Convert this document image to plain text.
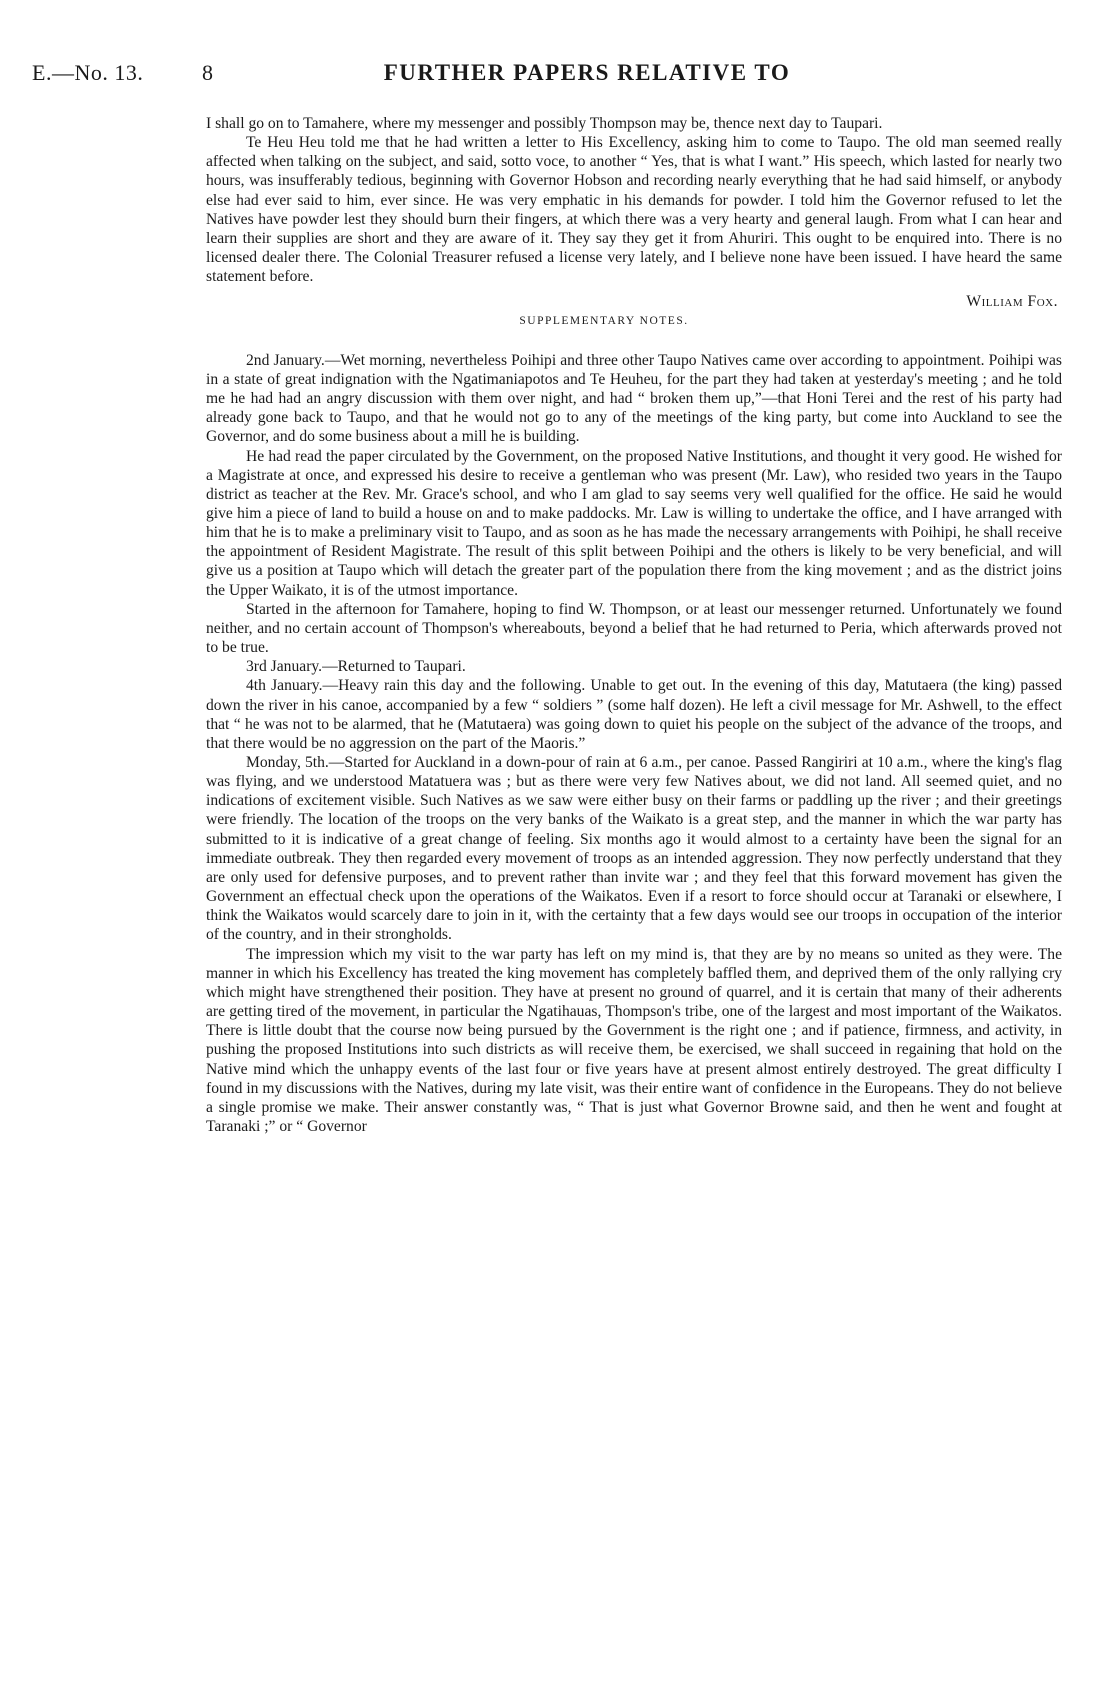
E.—No. 13.	8	FURTHER PAPERS RELATIVE TO

I shall go on to Tamahere, where my messenger and possibly Thompson may be, thence next day to Taupari.

Te Heu Heu told me that he had written a letter to His Excellency, asking him to come to Taupo. The old man seemed really affected when talking on the subject, and said, sotto voce, to another “ Yes, that is what I want.” His speech, which lasted for nearly two hours, was insufferably tedious, beginning with Governor Hobson and recording nearly everything that he had said himself, or anybody else had ever said to him, ever since. He was very emphatic in his demands for powder. I told him the Governor refused to let the Natives have powder lest they should burn their fingers, at which there was a very hearty and general laugh. From what I can hear and learn their supplies are short and they are aware of it. They say they get it from Ahuriri. This ought to be enquired into. There is no licensed dealer there. The Colonial Treasurer refused a license very lately, and I believe none have been issued. I have heard the same statement before.

William Fox.
SUPPLEMENTARY NOTES.

2nd January.—Wet morning, nevertheless Poihipi and three other Taupo Natives came over according to appointment. Poihipi was in a state of great indignation with the Ngatimaniapotos and Te Heuheu, for the part they had taken at yesterday's meeting ; and he told me he had had an angry discussion with them over night, and had “ broken them up,”—that Honi Terei and the rest of his party had already gone back to Taupo, and that he would not go to any of the meetings of the king party, but come into Auckland to see the Governor, and do some business about a mill he is building.

He had read the paper circulated by the Government, on the proposed Native Institutions, and thought it very good. He wished for a Magistrate at once, and expressed his desire to receive a gentleman who was present (Mr. Law), who resided two years in the Taupo district as teacher at the Rev. Mr. Grace's school, and who I am glad to say seems very well qualified for the office. He said he would give him a piece of land to build a house on and to make paddocks. Mr. Law is willing to undertake the office, and I have arranged with him that he is to make a preliminary visit to Taupo, and as soon as he has made the necessary arrangements with Poihipi, he shall receive the appointment of Resident Magistrate. The result of this split between Poihipi and the others is likely to be very beneficial, and will give us a position at Taupo which will detach the greater part of the population there from the king movement ; and as the district joins the Upper Waikato, it is of the utmost importance.

Started in the afternoon for Tamahere, hoping to find W. Thompson, or at least our messenger returned. Unfortunately we found neither, and no certain account of Thompson's whereabouts, beyond a belief that he had returned to Peria, which afterwards proved not to be true.

3rd January.—Returned to Taupari.

4th January.—Heavy rain this day and the following. Unable to get out. In the evening of this day, Matutaera (the king) passed down the river in his canoe, accompanied by a few “ soldiers ” (some half dozen). He left a civil message for Mr. Ashwell, to the effect that “ he was not to be alarmed, that he (Matutaera) was going down to quiet his people on the subject of the advance of the troops, and that there would be no aggression on the part of the Maoris.”

Monday, 5th.—Started for Auckland in a down-pour of rain at 6 a.m., per canoe. Passed Rangiriri at 10 a.m., where the king's flag was flying, and we understood Matatuera was ; but as there were very few Natives about, we did not land. All seemed quiet, and no indications of excitement visible. Such Natives as we saw were either busy on their farms or paddling up the river ; and their greetings were friendly. The location of the troops on the very banks of the Waikato is a great step, and the manner in which the war party has submitted to it is indicative of a great change of feeling. Six months ago it would almost to a certainty have been the signal for an immediate outbreak. They then regarded every movement of troops as an intended aggression. They now perfectly understand that they are only used for defensive purposes, and to prevent rather than invite war ; and they feel that this forward movement has given the Government an effectual check upon the operations of the Waikatos. Even if a resort to force should occur at Taranaki or elsewhere, I think the Waikatos would scarcely dare to join in it, with the certainty that a few days would see our troops in occupation of the interior of the country, and in their strongholds.

The impression which my visit to the war party has left on my mind is, that they are by no means so united as they were. The manner in which his Excellency has treated the king movement has completely baffled them, and deprived them of the only rallying cry which might have strengthened their position. They have at present no ground of quarrel, and it is certain that many of their adherents are getting tired of the movement, in particular the Ngatihauas, Thompson's tribe, one of the largest and most important of the Waikatos. There is little doubt that the course now being pursued by the Government is the right one ; and if patience, firmness, and activity, in pushing the proposed Institutions into such districts as will receive them, be exercised, we shall succeed in regaining that hold on the Native mind which the unhappy events of the last four or five years have at present almost entirely destroyed. The great difficulty I found in my discussions with the Natives, during my late visit, was their entire want of confidence in the Europeans. They do not believe a single promise we make. Their answer constantly was, “ That is just what Governor Browne said, and then he went and fought at Taranaki ;” or “ Governor
